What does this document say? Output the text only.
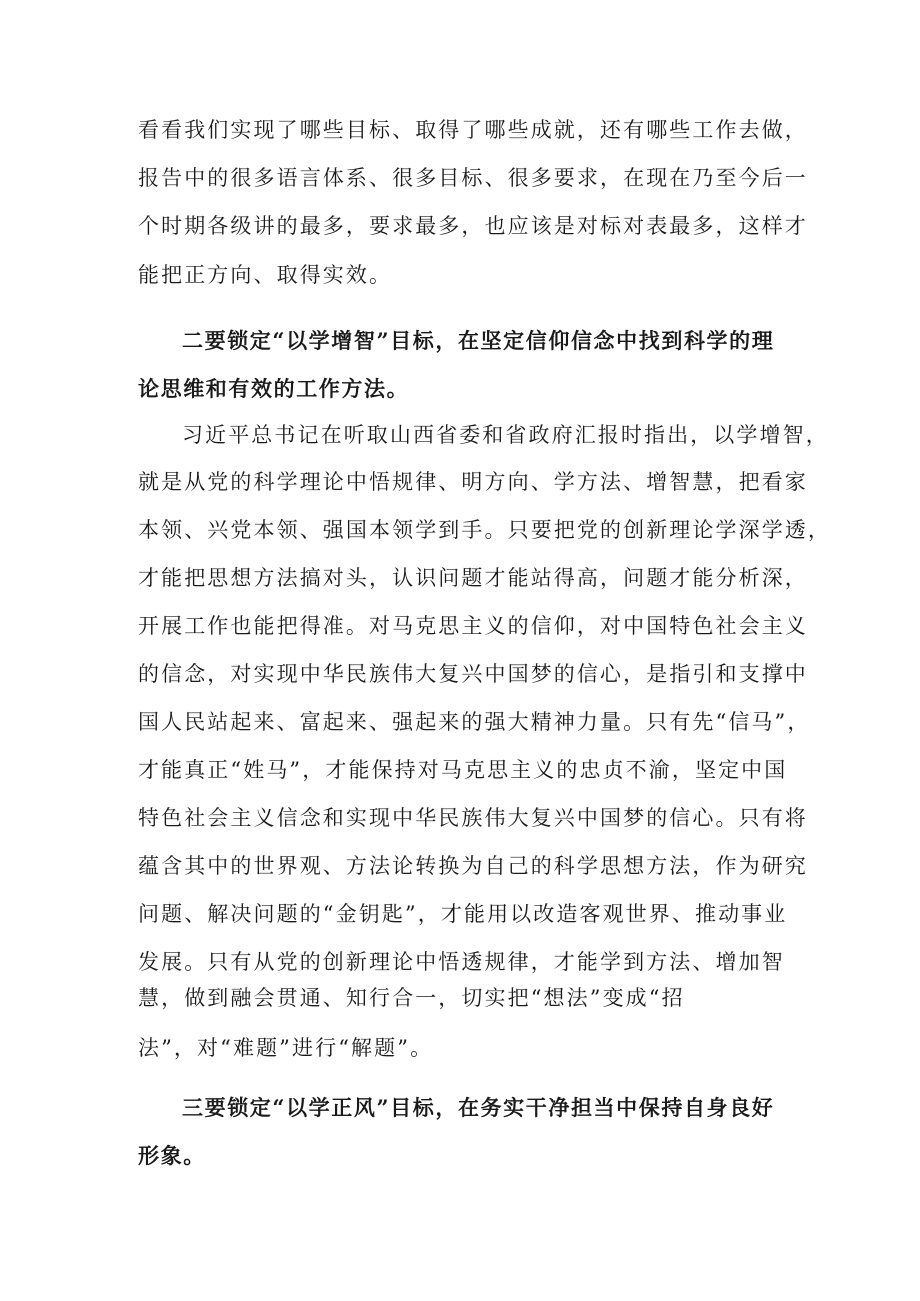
看看我们实现了哪些目标、取得了哪些成就，还有哪些工作去做，
报告中的很多语言体系、很多目标、很多要求，在现在乃至今后一
个时期各级讲的最多，要求最多，也应该是对标对表最多，这样才
能把正方向、取得实效。
二要锁定“以学增智”目标，在坚定信仰信念中找到科学的理
论思维和有效的工作方法。
习近平总书记在听取山西省委和省政府汇报时指出，以学增智，
就是从党的科学理论中悟规律、明方向、学方法、增智慧，把看家
本领、兴党本领、强国本领学到手。只要把党的创新理论学深学透，
才能把思想方法搞对头，认识问题才能站得高，问题才能分析深，
开展工作也能把得准。对马克思主义的信仰，对中国特色社会主义
的信念，对实现中华民族伟大复兴中国梦的信心，是指引和支撑中
国人民站起来、富起来、强起来的强大精神力量。只有先“信马”，
才能真正“姓马”，才能保持对马克思主义的忠贞不渝，坚定中国
特色社会主义信念和实现中华民族伟大复兴中国梦的信心。只有将
蕴含其中的世界观、方法论转换为自己的科学思想方法，作为研究
问题、解决问题的“金钥匙”，才能用以改造客观世界、推动事业
发展。只有从党的创新理论中悟透规律，才能学到方法、增加智
慧，做到融会贯通、知行合一，切实把“想法”变成“招
法”，对“难题”进行“解题”。
三要锁定“以学正风”目标，在务实干净担当中保持自身良好
形象。
